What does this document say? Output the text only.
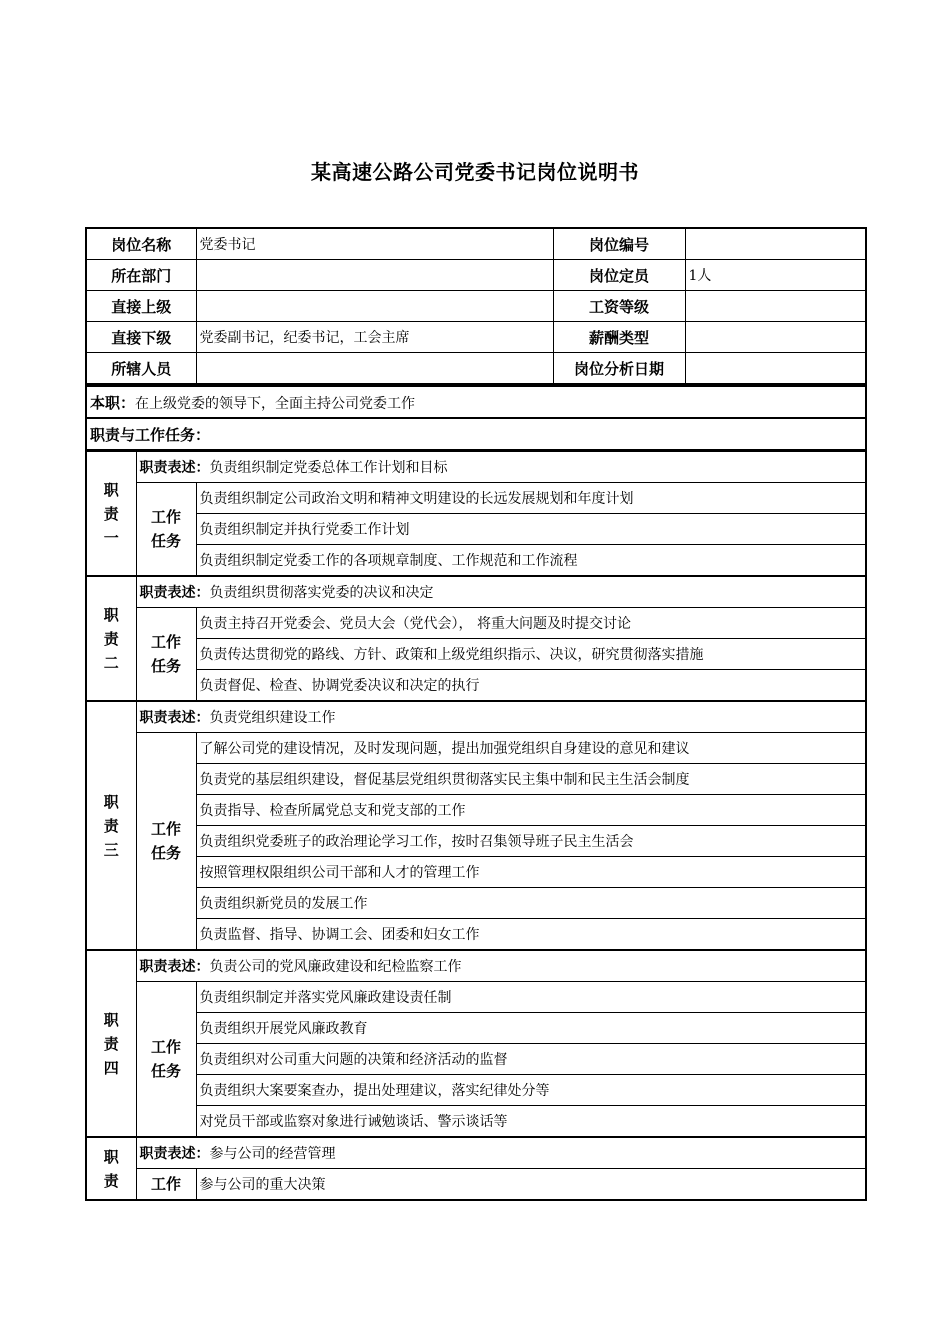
某高速公路公司党委书记岗位说明书
岗位名称	党委书记	岗位编号	
所在部门		岗位定员	1人
直接上级		工资等级	
直接下级	党委副书记，纪委书记，工会主席	薪酬类型	
所辖人员		岗位分析日期	
本职：在上级党委的领导下，全面主持公司党委工作
职责与工作任务：
职责一	职责表述：负责组织制定党委总体工作计划和目标	
	工作任务	负责组织制定公司政治文明和精神文明建设的长远发展规划和年度计划
		负责组织制定并执行党委工作计划
		负责组织制定党委工作的各项规章制度、工作规范和工作流程
职责二	职责表述：负责组织贯彻落实党委的决议和决定	
	工作任务	负责主持召开党委会、党员大会（党代会）， 将重大问题及时提交讨论
		负责传达贯彻党的路线、方针、政策和上级党组织指示、决议，研究贯彻落实措施
		负责督促、检查、协调党委决议和决定的执行
职责三	职责表述：负责党组织建设工作	
	工作任务	了解公司党的建设情况，及时发现问题，提出加强党组织自身建设的意见和建议
		负责党的基层组织建设，督促基层党组织贯彻落实民主集中制和民主生活会制度
		负责指导、检查所属党总支和党支部的工作
		负责组织党委班子的政治理论学习工作，按时召集领导班子民主生活会
		按照管理权限组织公司干部和人才的管理工作
		负责组织新党员的发展工作
		负责监督、指导、协调工会、团委和妇女工作
职责四	职责表述：负责公司的党风廉政建设和纪检监察工作	
	工作任务	负责组织制定并落实党风廉政建设责任制
		负责组织开展党风廉政教育
		负责组织对公司重大问题的决策和经济活动的监督
		负责组织大案要案查办，提出处理建议，落实纪律处分等
		对党员干部或监察对象进行诫勉谈话、警示谈话等
职责	职责表述：参与公司的经营管理	
	工作	参与公司的重大决策
